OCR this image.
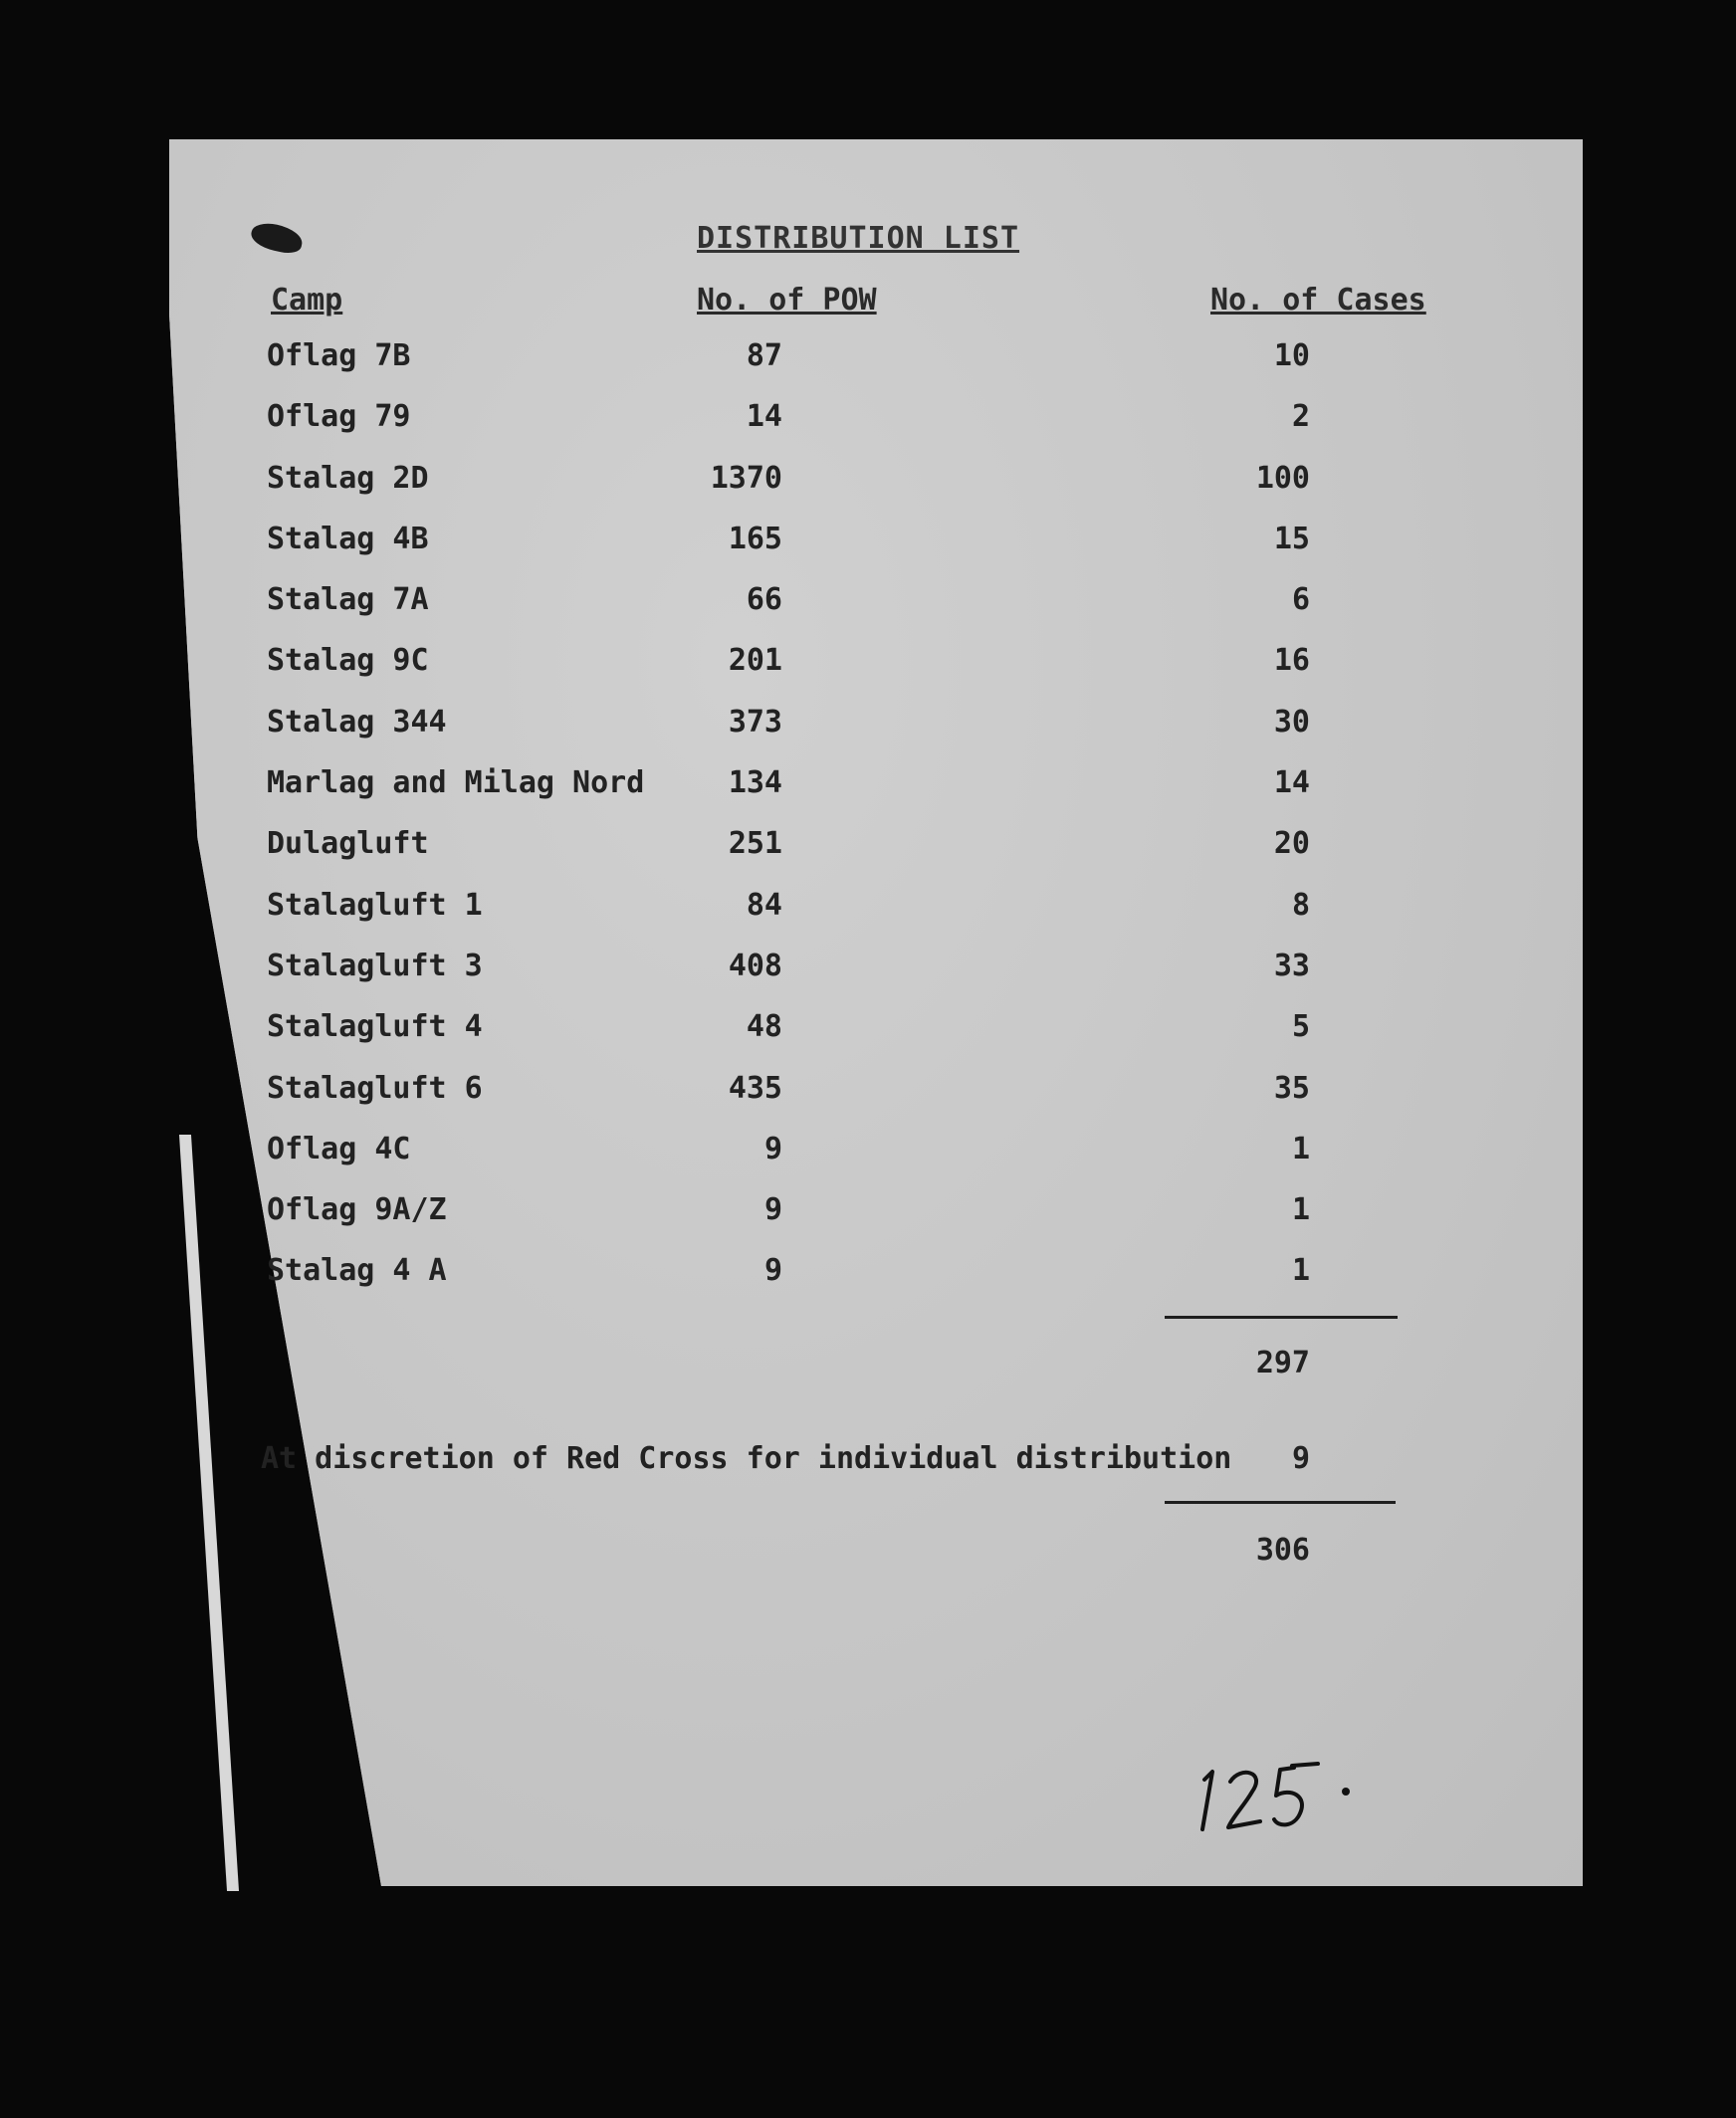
DISTRIBUTION LIST
Camp	No. of POW	No. of Cases
Oflag 7B	87	10
Oflag 79	14	2
Stalag 2D	1370	100
Stalag 4B	165	15
Stalag 7A	66	6
Stalag 9C	201	16
Stalag 344	373	30
Marlag and Milag Nord	134	14
Dulagluft	251	20
Stalagluft 1	84	8
Stalagluft 3	408	33
Stalagluft 4	48	5
Stalagluft 6	435	35
Oflag 4C	9	1
Oflag 9A/Z	9	1
Stalag 4 A	9	1
297
At discretion of Red Cross for individual distribution	9
306
